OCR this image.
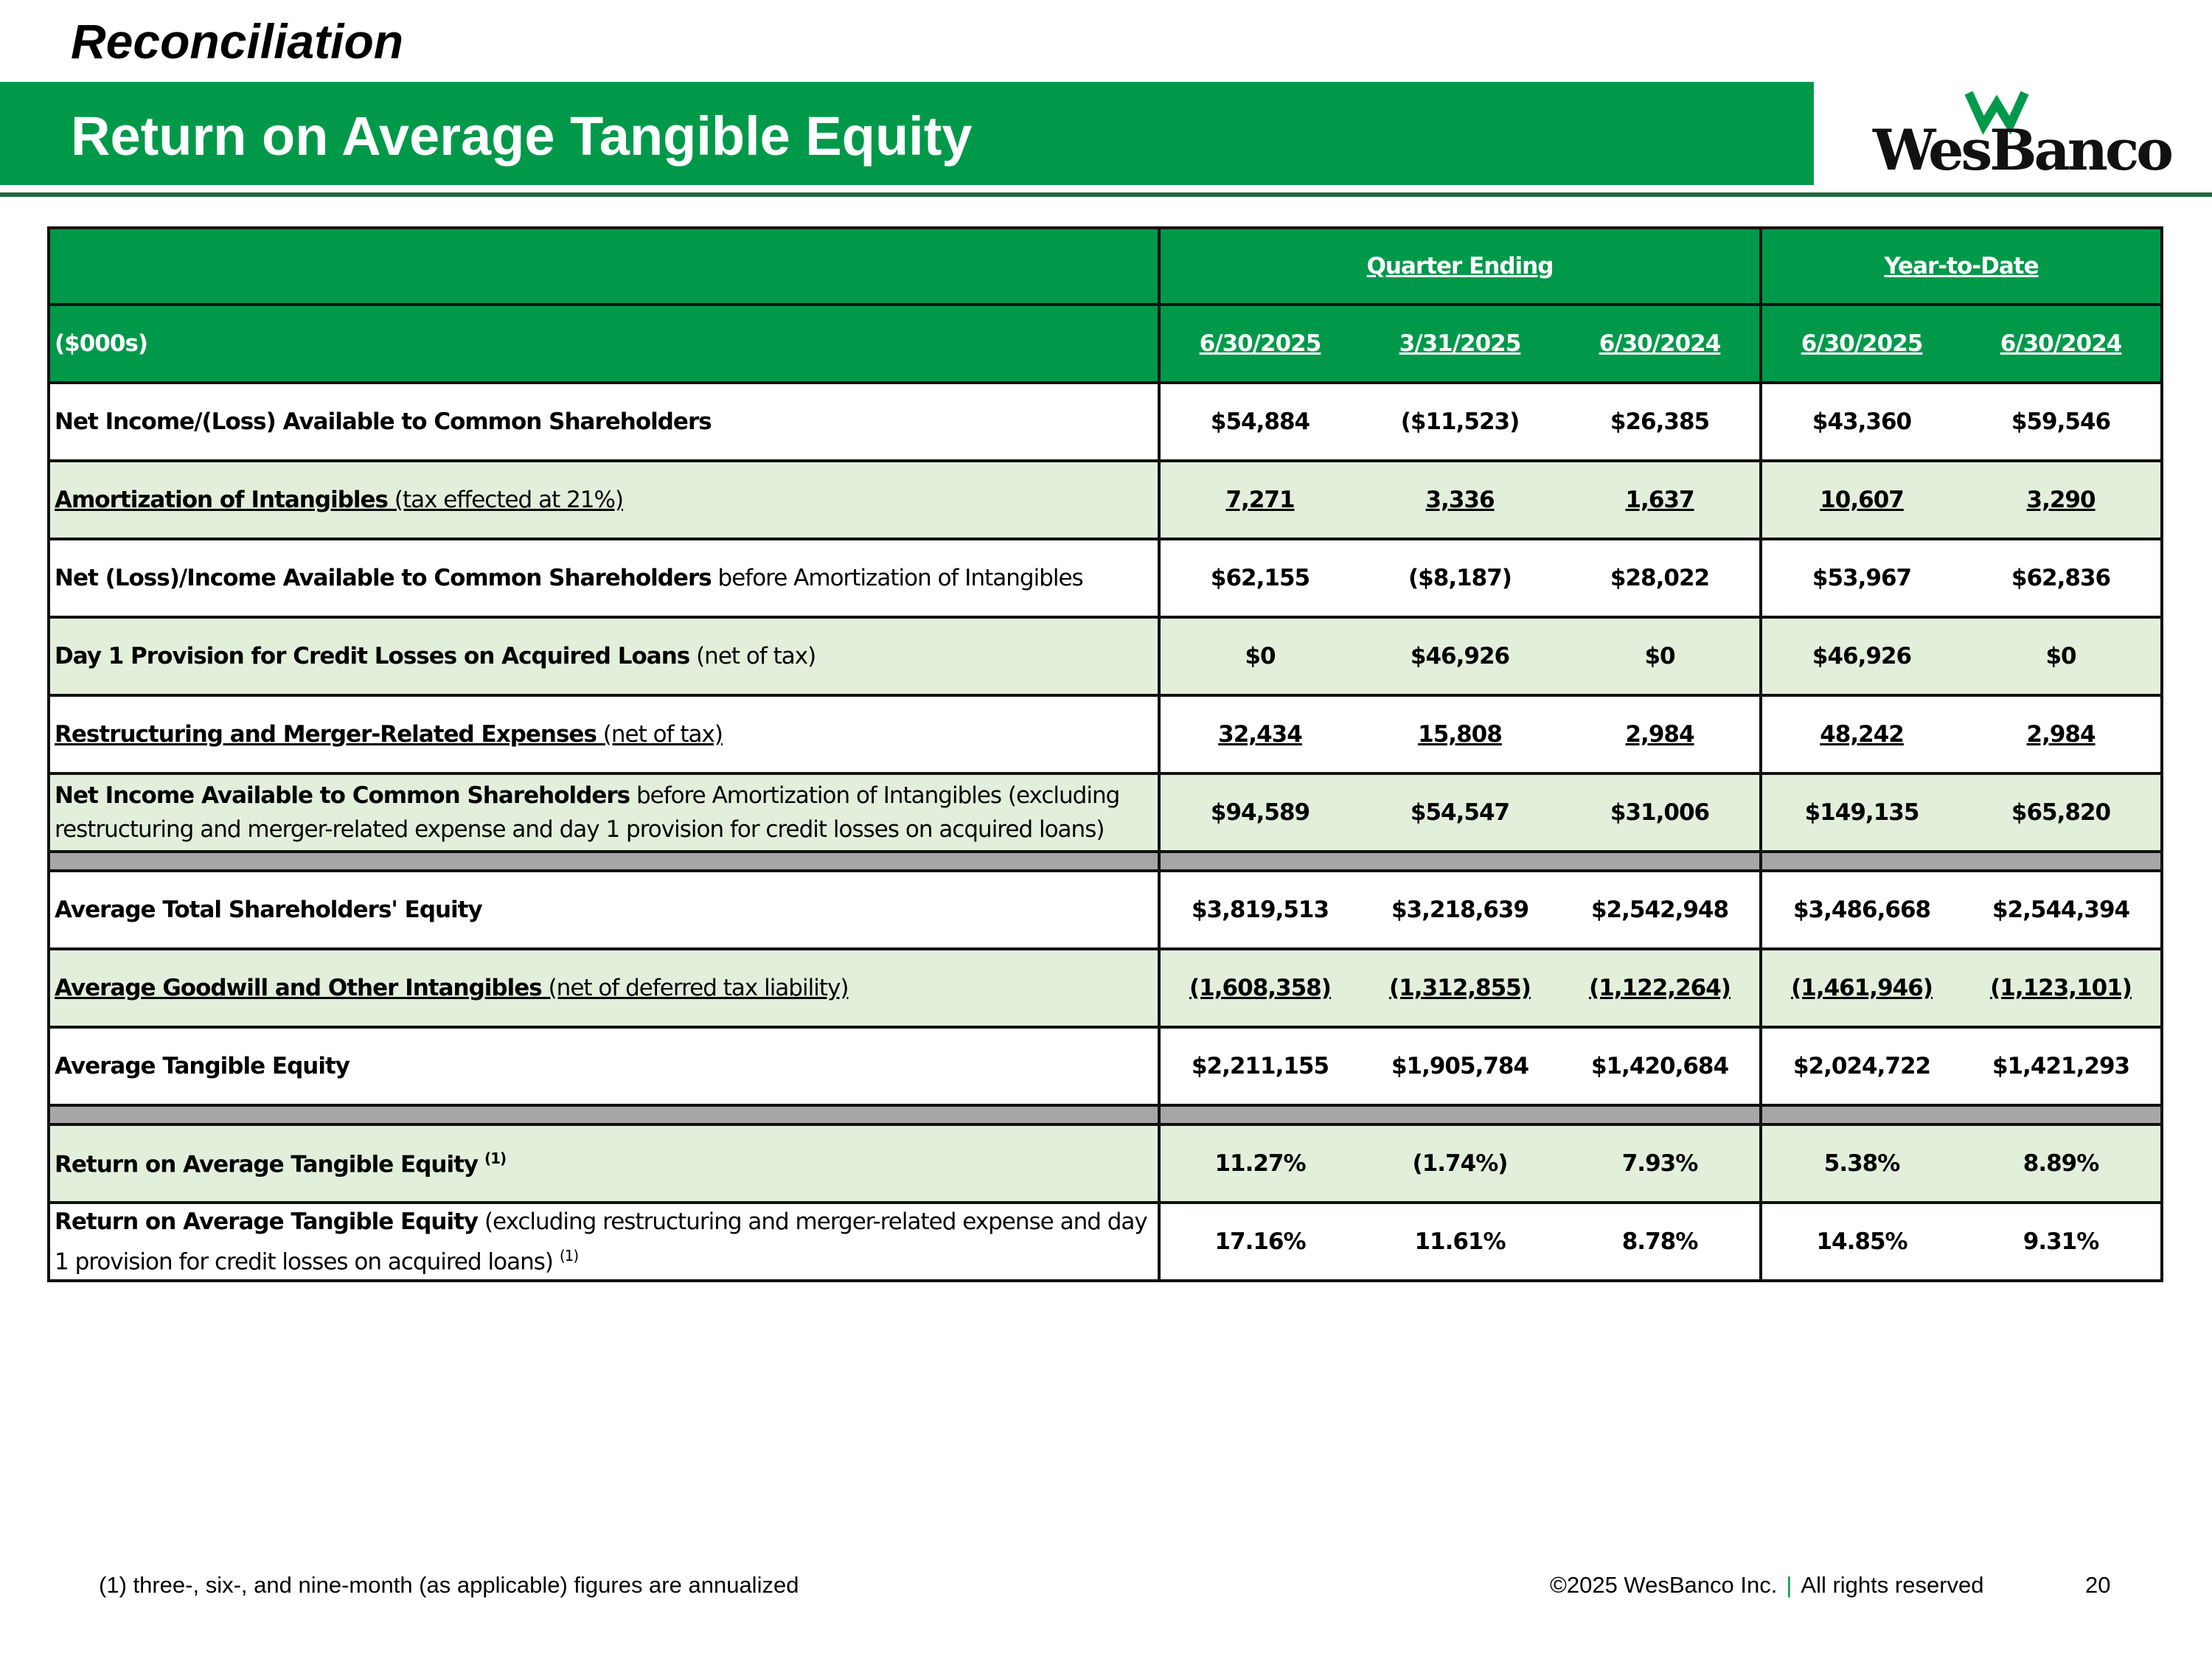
Reconciliation
Return on Average Tangible Equity	WesBanco
	Quarter Ending			Year-to-Date	
($000s)	6/30/2025	3/31/2025	6/30/2024	6/30/2025	6/30/2024
Net Income/(Loss) Available to Common Shareholders	$54,884	($11,523)	$26,385	$43,360	$59,546
Amortization of Intangibles (tax effected at 21%)	7,271	3,336	1,637	10,607	3,290
Net (Loss)/Income Available to Common Shareholders before Amortization of Intangibles	$62,155	($8,187)	$28,022	$53,967	$62,836
Day 1 Provision for Credit Losses on Acquired Loans (net of tax)	$0	$46,926	$0	$46,926	$0
Restructuring and Merger-Related Expenses (net of tax)	32,434	15,808	2,984	48,242	2,984
Net Income Available to Common Shareholders before Amortization of Intangibles (excluding restructuring and merger-related expense and day 1 provision for credit losses on acquired loans)	$94,589	$54,547	$31,006	$149,135	$65,820

Average Total Shareholders' Equity	$3,819,513	$3,218,639	$2,542,948	$3,486,668	$2,544,394
Average Goodwill and Other Intangibles (net of deferred tax liability)	(1,608,358)	(1,312,855)	(1,122,264)	(1,461,946)	(1,123,101)
Average Tangible Equity	$2,211,155	$1,905,784	$1,420,684	$2,024,722	$1,421,293

Return on Average Tangible Equity $^{(1)}$	11.27%	(1.74%)	7.93%	5.38%	8.89%
Return on Average Tangible Equity (excluding restructuring and merger-related expense and day 1 provision for credit losses on acquired loans) $^{(1)}$	17.16%	11.61%	8.78%	14.85%	9.31%
(1) three-, six-, and nine-month (as applicable) figures are annualized	©2025 WesBanco Inc. | All rights reserved	20
